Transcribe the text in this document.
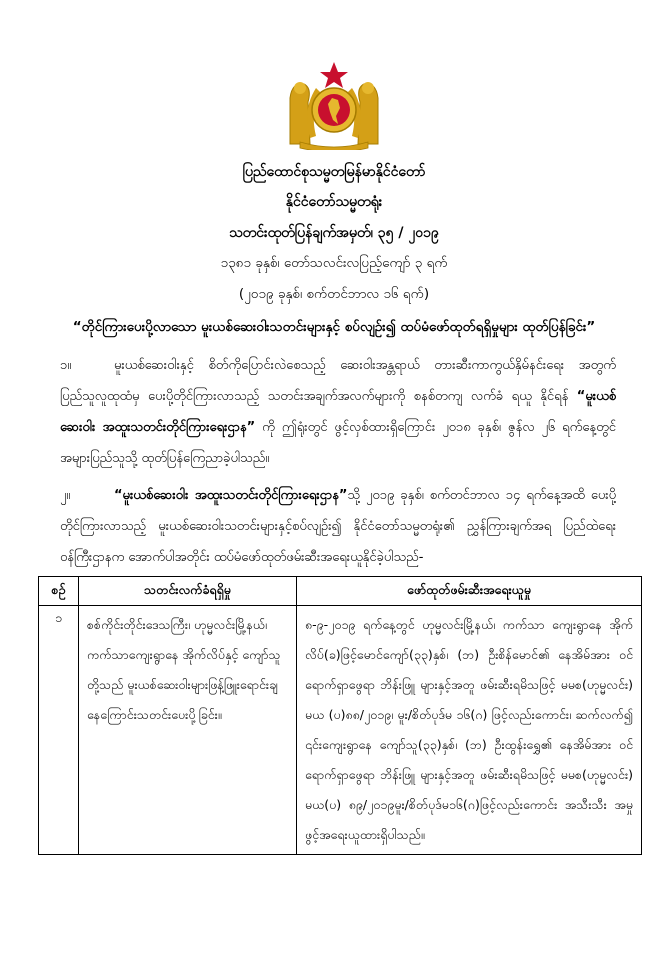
ပြည်ထောင်စုသမ္မတမြန်မာနိုင်ငံတော်
နိုင်ငံတော်သမ္မတရုံး
သတင်းထုတ်ပြန်ချက်အမှတ်၊ ၃၅ / ၂၀၁၉
၁၃၈၁ ခုနှစ်၊ တော်သလင်းလပြည့်ကျော် ၃ ရက်
(၂၀၁၉ ခုနှစ်၊ စက်တင်ဘာလ ၁၆ ရက်)
“တိုင်ကြားပေးပို့လာသော မူးယစ်ဆေးဝါးသတင်းများနှင့် စပ်လျဉ်း၍ ထပ်မံဖော်ထုတ်ရရှိမှုများ ထုတ်ပြန်ခြင်း”
၁။	မူးယစ်ဆေးဝါးနှင့် စိတ်ကိုပြောင်းလဲစေသည့် ဆေးဝါးအန္တရာယ် တားဆီးကာကွယ်နှိမ်နင်းရေး အတွက် ပြည်သူလူထုထံမှ ပေးပို့တိုင်ကြားလာသည့် သတင်းအချက်အလက်များကို စနစ်တကျ လက်ခံ ရယူ နိုင်ရန် “မူးယစ်ဆေးဝါး အထူးသတင်းတိုင်ကြားရေးဌာန” ကို ဤရုံးတွင် ဖွင့်လှစ်ထားရှိကြောင်း ၂၀၁၈ ခုနှစ်၊ ဇွန်လ ၂၆ ရက်နေ့တွင် အများပြည်သူသို့ ထုတ်ပြန်ကြေညာခဲ့ပါသည်။
၂။	“မူးယစ်ဆေးဝါး အထူးသတင်းတိုင်ကြားရေးဌာန”သို့ ၂၀၁၉ ခုနှစ်၊ စက်တင်ဘာလ ၁၄ ရက်နေ့အထိ ပေးပို့တိုင်ကြားလာသည့် မူးယစ်ဆေးဝါးသတင်းများနှင့်စပ်လျဉ်း၍ နိုင်ငံတော်သမ္မတရုံး၏ ညွှန်ကြားချက်အရ ပြည်ထဲရေးဝန်ကြီးဌာနက အောက်ပါအတိုင်း ထပ်မံဖော်ထုတ်ဖမ်းဆီးအရေးယူနိုင်ခဲ့ပါသည်-
စဉ်	သတင်းလက်ခံရရှိမှု	ဖော်ထုတ်ဖမ်းဆီးအရေးယူမှု
၁	စစ်ကိုင်းတိုင်းဒေသကြီး၊ ဟုမ္မလင်းမြို့နယ်၊ ကက်သာကျေးရွာနေ အိုက်လိပ်နှင့် ကျော်သူ တို့သည် မူးယစ်ဆေးဝါးများဖြန့်ဖြူးရောင်းချ နေကြောင်းသတင်းပေးပို့ခြင်း။	၈-၉-၂၀၁၉ ရက်နေ့တွင် ဟုမ္မလင်းမြို့နယ်၊ ကက်သာ ကျေးရွာနေ အိုက်လိပ်(ခ)ဖြင့်မောင်ကျော်(၃၃)နှစ်၊ (ဘ) ဦးစိန်မောင်၏ နေအိမ်အား ဝင်ရောက်ရှာဖွေရာ ဘိန်းဖြူ များနှင့်အတူ ဖမ်းဆီးရမိသဖြင့် မမစ(ဟုမ္မလင်း) မယ (ပ)၈၈/၂၀၁၉၊ မူး/စိတ်ပုဒ်မ ၁၆(ဂ) ဖြင့်လည်းကောင်း၊ ဆက်လက်၍ ၎င်းကျေးရွာနေ ကျော်သူ(၃၃)နှစ်၊ (ဘ) ဦးထွန်းရွှေ၏ နေအိမ်အား ဝင်ရောက်ရှာဖွေရာ ဘိန်းဖြူ များနှင့်အတူ ဖမ်းဆီးရမိသဖြင့် မမစ(ဟုမ္မလင်း) မယ(ပ) ၈၉/၂၀၁၉မူး/စိတ်ပုဒ်မ၁၆(ဂ)ဖြင့်လည်းကောင်း အသီးသီး အမှုဖွင့်အရေးယူထားရှိပါသည်။
